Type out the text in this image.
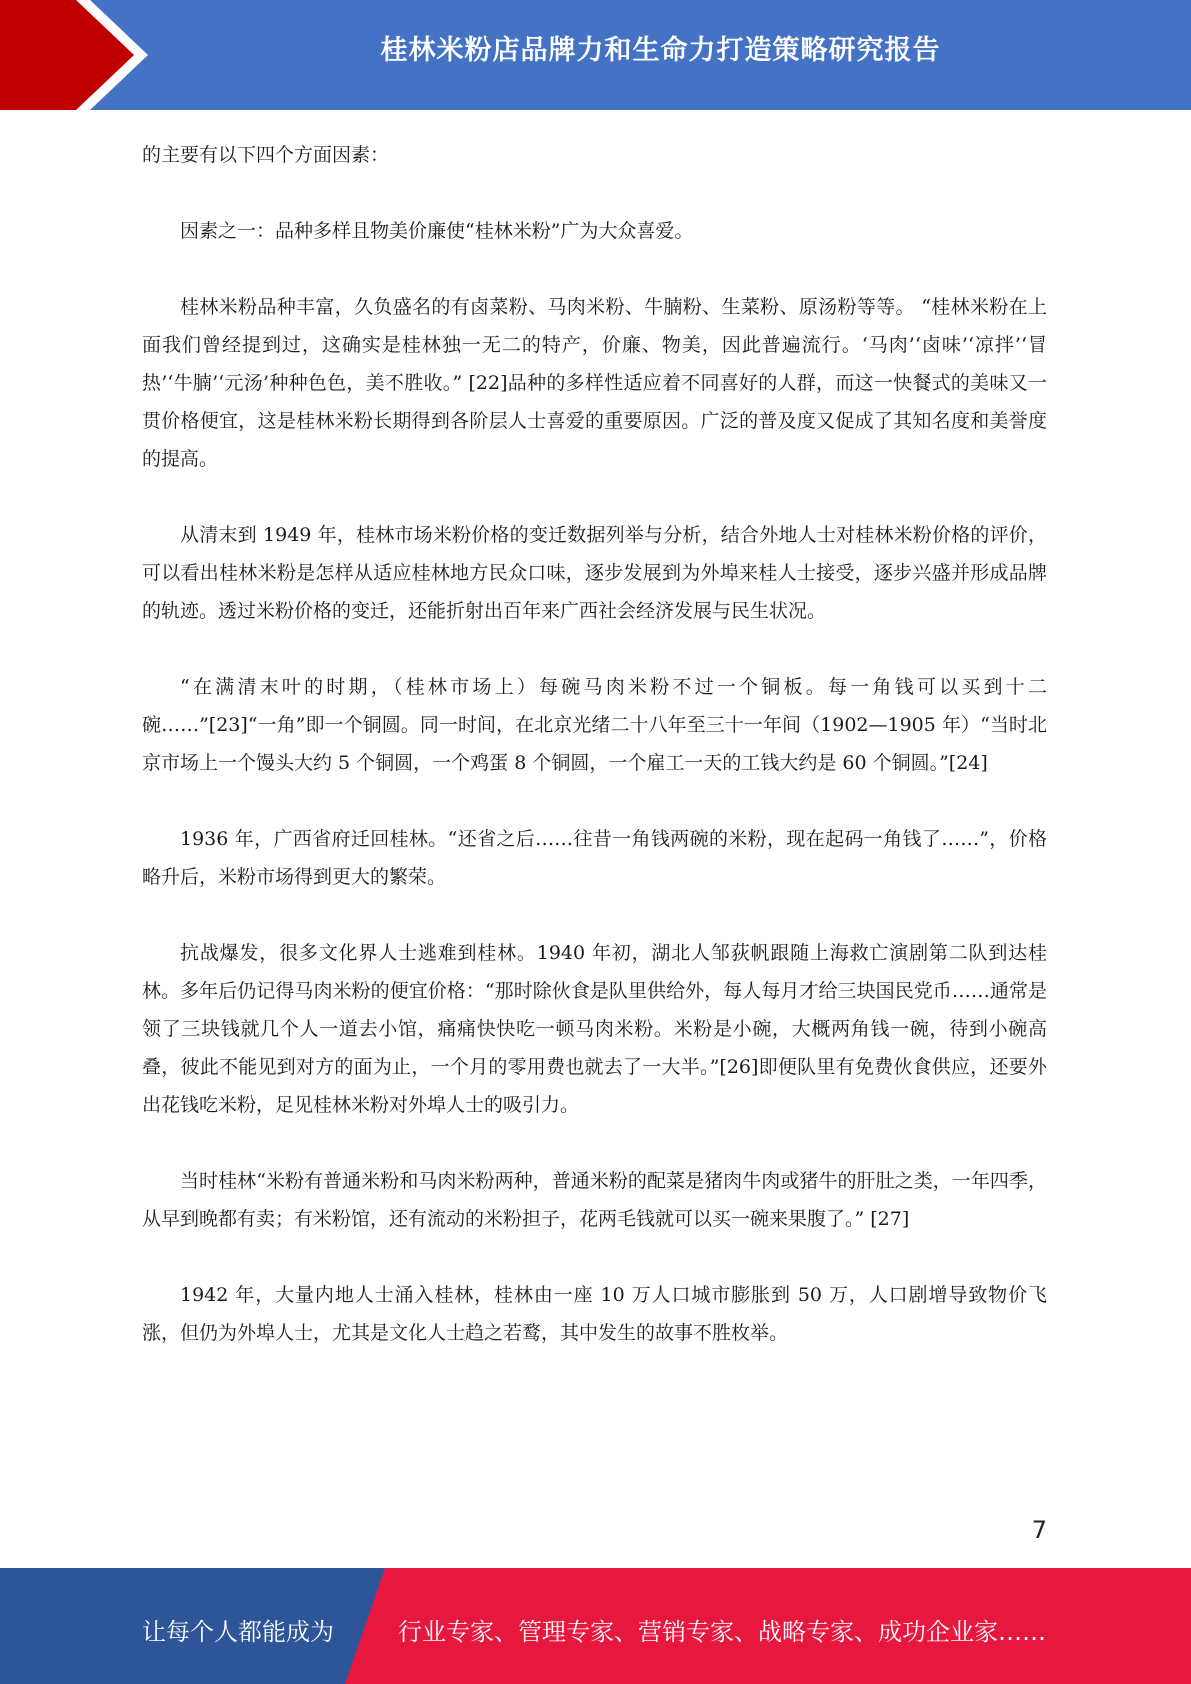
桂林米粉店品牌力和生命力打造策略研究报告

的主要有以下四个方面因素：

因素之一：品种多样且物美价廉使“桂林米粉”广为大众喜爱。

桂林米粉品种丰富，久负盛名的有卤菜粉、马肉米粉、牛腩粉、生菜粉、原汤粉等等。 “桂林米粉在上面我们曾经提到过，这确实是桂林独一无二的特产，价廉、物美，因此普遍流行。‘马肉’‘卤味’‘凉拌’‘冒热’‘牛腩’‘元汤’种种色色，美不胜收。” [22]品种的多样性适应着不同喜好的人群，而这一快餐式的美味又一贯价格便宜，这是桂林米粉长期得到各阶层人士喜爱的重要原因。广泛的普及度又促成了其知名度和美誉度的提高。

从清末到 1949 年，桂林市场米粉价格的变迁数据列举与分析，结合外地人士对桂林米粉价格的评价，可以看出桂林米粉是怎样从适应桂林地方民众口味，逐步发展到为外埠来桂人士接受，逐步兴盛并形成品牌的轨迹。透过米粉价格的变迁，还能折射出百年来广西社会经济发展与民生状况。

“在满清末叶的时期，（桂林市场上）每碗马肉米粉不过一个铜板。每一角钱可以买到十二碗……”[23]“一角”即一个铜圆。同一时间，在北京光绪二十八年至三十一年间（1902—1905 年）“当时北京市场上一个馒头大约 5 个铜圆，一个鸡蛋 8 个铜圆，一个雇工一天的工钱大约是 60 个铜圆。”[24]

1936 年，广西省府迁回桂林。“还省之后……往昔一角钱两碗的米粉，现在起码一角钱了……”，价格略升后，米粉市场得到更大的繁荣。

抗战爆发，很多文化界人士逃难到桂林。1940 年初，湖北人邹荻帆跟随上海救亡演剧第二队到达桂林。多年后仍记得马肉米粉的便宜价格：“那时除伙食是队里供给外，每人每月才给三块国民党币……通常是领了三块钱就几个人一道去小馆，痛痛快快吃一顿马肉米粉。米粉是小碗，大概两角钱一碗，待到小碗高叠，彼此不能见到对方的面为止，一个月的零用费也就去了一大半。”[26]即便队里有免费伙食供应，还要外出花钱吃米粉，足见桂林米粉对外埠人士的吸引力。

当时桂林“米粉有普通米粉和马肉米粉两种，普通米粉的配菜是猪肉牛肉或猪牛的肝肚之类，一年四季，从早到晚都有卖；有米粉馆，还有流动的米粉担子，花两毛钱就可以买一碗来果腹了。” [27]

1942 年，大量内地人士涌入桂林，桂林由一座 10 万人口城市膨胀到 50 万，人口剧增导致物价飞涨，但仍为外埠人士，尤其是文化人士趋之若鹜，其中发生的故事不胜枚举。

7
让每个人都能成为	行业专家、管理专家、营销专家、战略专家、成功企业家……
